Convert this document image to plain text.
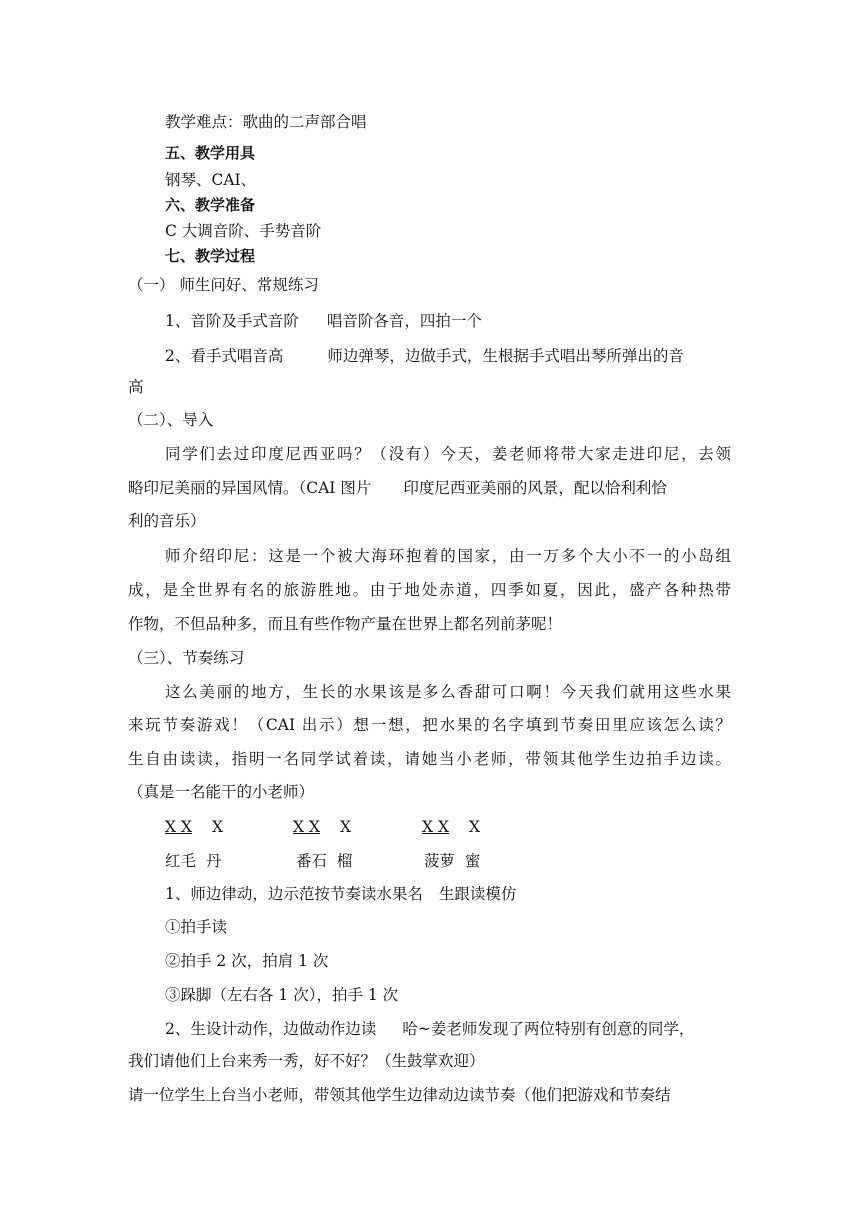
教学难点：歌曲的二声部合唱
五、教学用具
钢琴、CAI、
六、教学准备
C 大调音阶、手势音阶
七、教学过程
（一） 师生问好、常规练习
1、音阶及手式音阶 唱音阶各音，四拍一个
2、看手式唱音高	师边弹琴，边做手式，生根据手式唱出琴所弹出的音
高
（二）、导入
同学们去过印度尼西亚吗？（没有）今天，姜老师将带大家走进印尼，去领
略印尼美丽的异国风情。（CAI 图片 印度尼西亚美丽的风景，配以恰利利恰
利的音乐）
师介绍印尼：这是一个被大海环抱着的国家，由一万多个大小不一的小岛组
成，是全世界有名的旅游胜地。由于地处赤道，四季如夏，因此，盛产各种热带
作物，不但品种多，而且有些作物产量在世界上都名列前茅呢！
（三）、节奏练习
这么美丽的地方，生长的水果该是多么香甜可口啊！今天我们就用这些水果
来玩节奏游戏！（CAI 出示）想一想，把水果的名字填到节奏田里应该怎么读？
生自由读读，指明一名同学试着读，请她当小老师，带领其他学生边拍手边读。
（真是一名能干的小老师）
X X X	X X X	X X X
红毛  丹	番石  榴	菠萝  蜜
1、师边律动，边示范按节奏读水果名 生跟读模仿
①拍手读
②拍手 2 次，拍肩 1 次
③跺脚（左右各 1 次），拍手 1 次
2、生设计动作，边做动作边读 哈~姜老师发现了两位特别有创意的同学，
我们请他们上台来秀一秀，好不好？（生鼓掌欢迎）
请一位学生上台当小老师，带领其他学生边律动边读节奏（他们把游戏和节奏结
